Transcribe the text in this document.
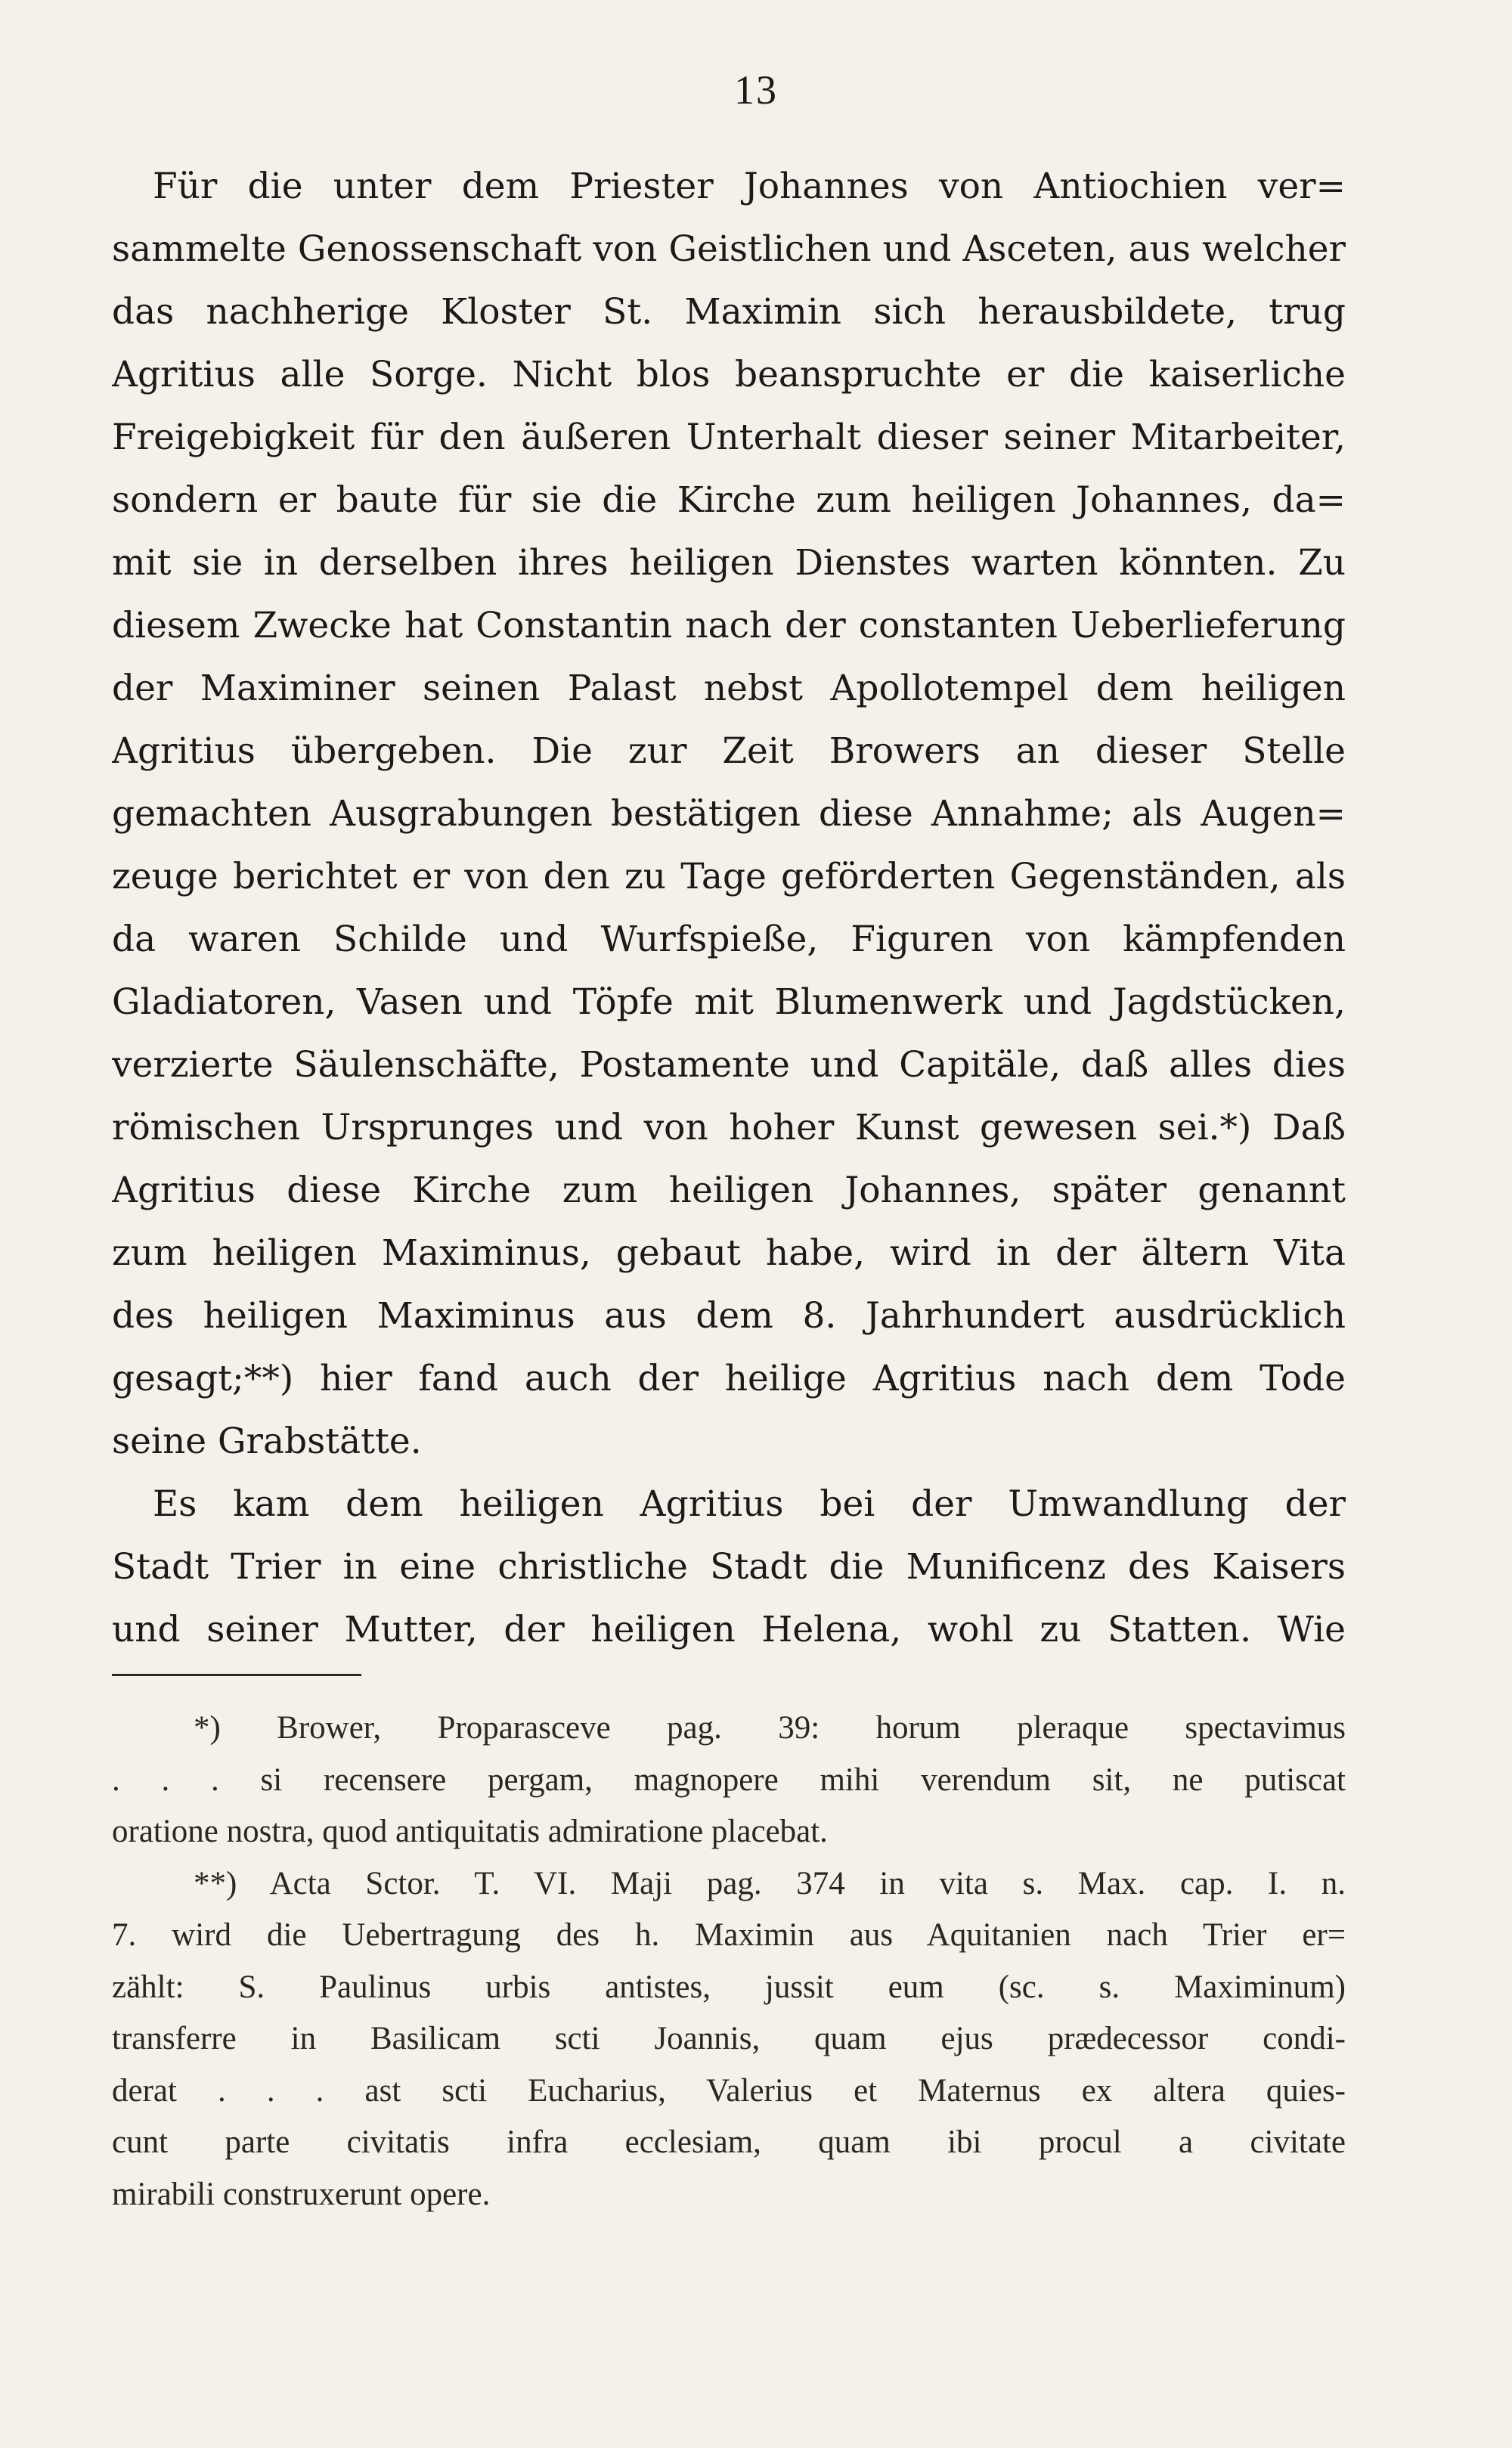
13
Für die unter dem Priester Johannes von Antiochien ver=
sammelte Genossenschaft von Geistlichen und Asceten, aus welcher
das nachherige Kloster St. Maximin sich herausbildete, trug
Agritius alle Sorge. Nicht blos beanspruchte er die kaiserliche
Freigebigkeit für den äußeren Unterhalt dieser seiner Mitarbeiter,
sondern er baute für sie die Kirche zum heiligen Johannes, da=
mit sie in derselben ihres heiligen Dienstes warten könnten. Zu
diesem Zwecke hat Constantin nach der constanten Ueberlieferung
der Maximiner seinen Palast nebst Apollotempel dem heiligen
Agritius übergeben. Die zur Zeit Browers an dieser Stelle
gemachten Ausgrabungen bestätigen diese Annahme; als Augen=
zeuge berichtet er von den zu Tage geförderten Gegenständen, als
da waren Schilde und Wurfspieße, Figuren von kämpfenden
Gladiatoren, Vasen und Töpfe mit Blumenwerk und Jagdstücken,
verzierte Säulenschäfte, Postamente und Capitäle, daß alles dies
römischen Ursprunges und von hoher Kunst gewesen sei.*) Daß
Agritius diese Kirche zum heiligen Johannes, später genannt
zum heiligen Maximinus, gebaut habe, wird in der ältern Vita
des heiligen Maximinus aus dem 8. Jahrhundert ausdrücklich
gesagt;**) hier fand auch der heilige Agritius nach dem Tode
seine Grabstätte.
Es kam dem heiligen Agritius bei der Umwandlung der
Stadt Trier in eine christliche Stadt die Munificenz des Kaisers
und seiner Mutter, der heiligen Helena, wohl zu Statten. Wie
*) Brower, Proparasceve pag. 39: horum pleraque spectavimus
. . . si recensere pergam, magnopere mihi verendum sit, ne putiscat
oratione nostra, quod antiquitatis admiratione placebat.
**) Acta Sctor. T. VI. Maji pag. 374 in vita s. Max. cap. I. n.
7. wird die Uebertragung des h. Maximin aus Aquitanien nach Trier er=
zählt: S. Paulinus urbis antistes, jussit eum (sc. s. Maximinum)
transferre in Basilicam scti Joannis, quam ejus prædecessor condi-
derat . . . ast scti Eucharius, Valerius et Maternus ex altera quies-
cunt parte civitatis infra ecclesiam, quam ibi procul a civitate
mirabili construxerunt opere.
